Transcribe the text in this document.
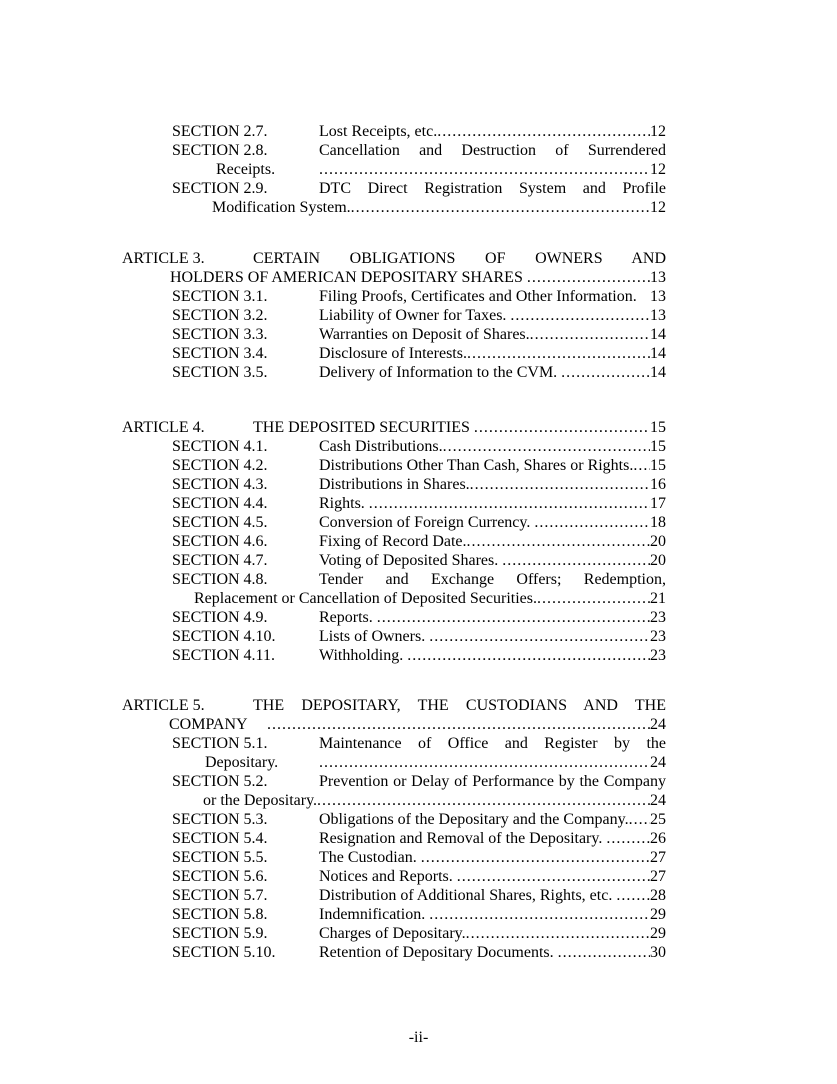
SECTION 2.7.	Lost Receipts, etc. .....	12
SECTION 2.8.	Cancellation and Destruction of Surrendered
Receipts. .....	12
SECTION 2.9.	DTC Direct Registration System and Profile
Modification System. .....	12
ARTICLE 3.	CERTAIN OBLIGATIONS OF OWNERS AND
HOLDERS OF AMERICAN DEPOSITARY SHARES .....	13
SECTION 3.1.	Filing Proofs, Certificates and Other Information. 13
SECTION 3.2.	Liability of Owner for Taxes. .....	13
SECTION 3.3.	Warranties on Deposit of Shares. .....	14
SECTION 3.4.	Disclosure of Interests. .....	14
SECTION 3.5.	Delivery of Information to the CVM. .....	14
ARTICLE 4.	THE DEPOSITED SECURITIES .....	15
SECTION 4.1.	Cash Distributions. .....	15
SECTION 4.2.	Distributions Other Than Cash, Shares or Rights. ..... 15
SECTION 4.3.	Distributions in Shares. .....	16
SECTION 4.4.	Rights. .....	17
SECTION 4.5.	Conversion of Foreign Currency. .....	18
SECTION 4.6.	Fixing of Record Date. .....	20
SECTION 4.7.	Voting of Deposited Shares. .....	20
SECTION 4.8.	Tender and Exchange Offers; Redemption,
Replacement or Cancellation of Deposited Securities. .....	21
SECTION 4.9.	Reports. .....	23
SECTION 4.10.	Lists of Owners. .....	23
SECTION 4.11.	Withholding. .....	23
ARTICLE 5.	THE DEPOSITARY, THE CUSTODIANS AND THE
COMPANY .....	24
SECTION 5.1.	Maintenance of Office and Register by the
Depositary. .....	24
SECTION 5.2.	Prevention or Delay of Performance by the Company
or the Depositary. .....	24
SECTION 5.3.	Obligations of the Depositary and the Company. ..... 25
SECTION 5.4.	Resignation and Removal of the Depositary. .....	26
SECTION 5.5.	The Custodian. .....	27
SECTION 5.6.	Notices and Reports. .....	27
SECTION 5.7.	Distribution of Additional Shares, Rights, etc. ..... 28
SECTION 5.8.	Indemnification. .....	29
SECTION 5.9.	Charges of Depositary. .....	29
SECTION 5.10.	Retention of Depositary Documents. .....	30
-ii-
